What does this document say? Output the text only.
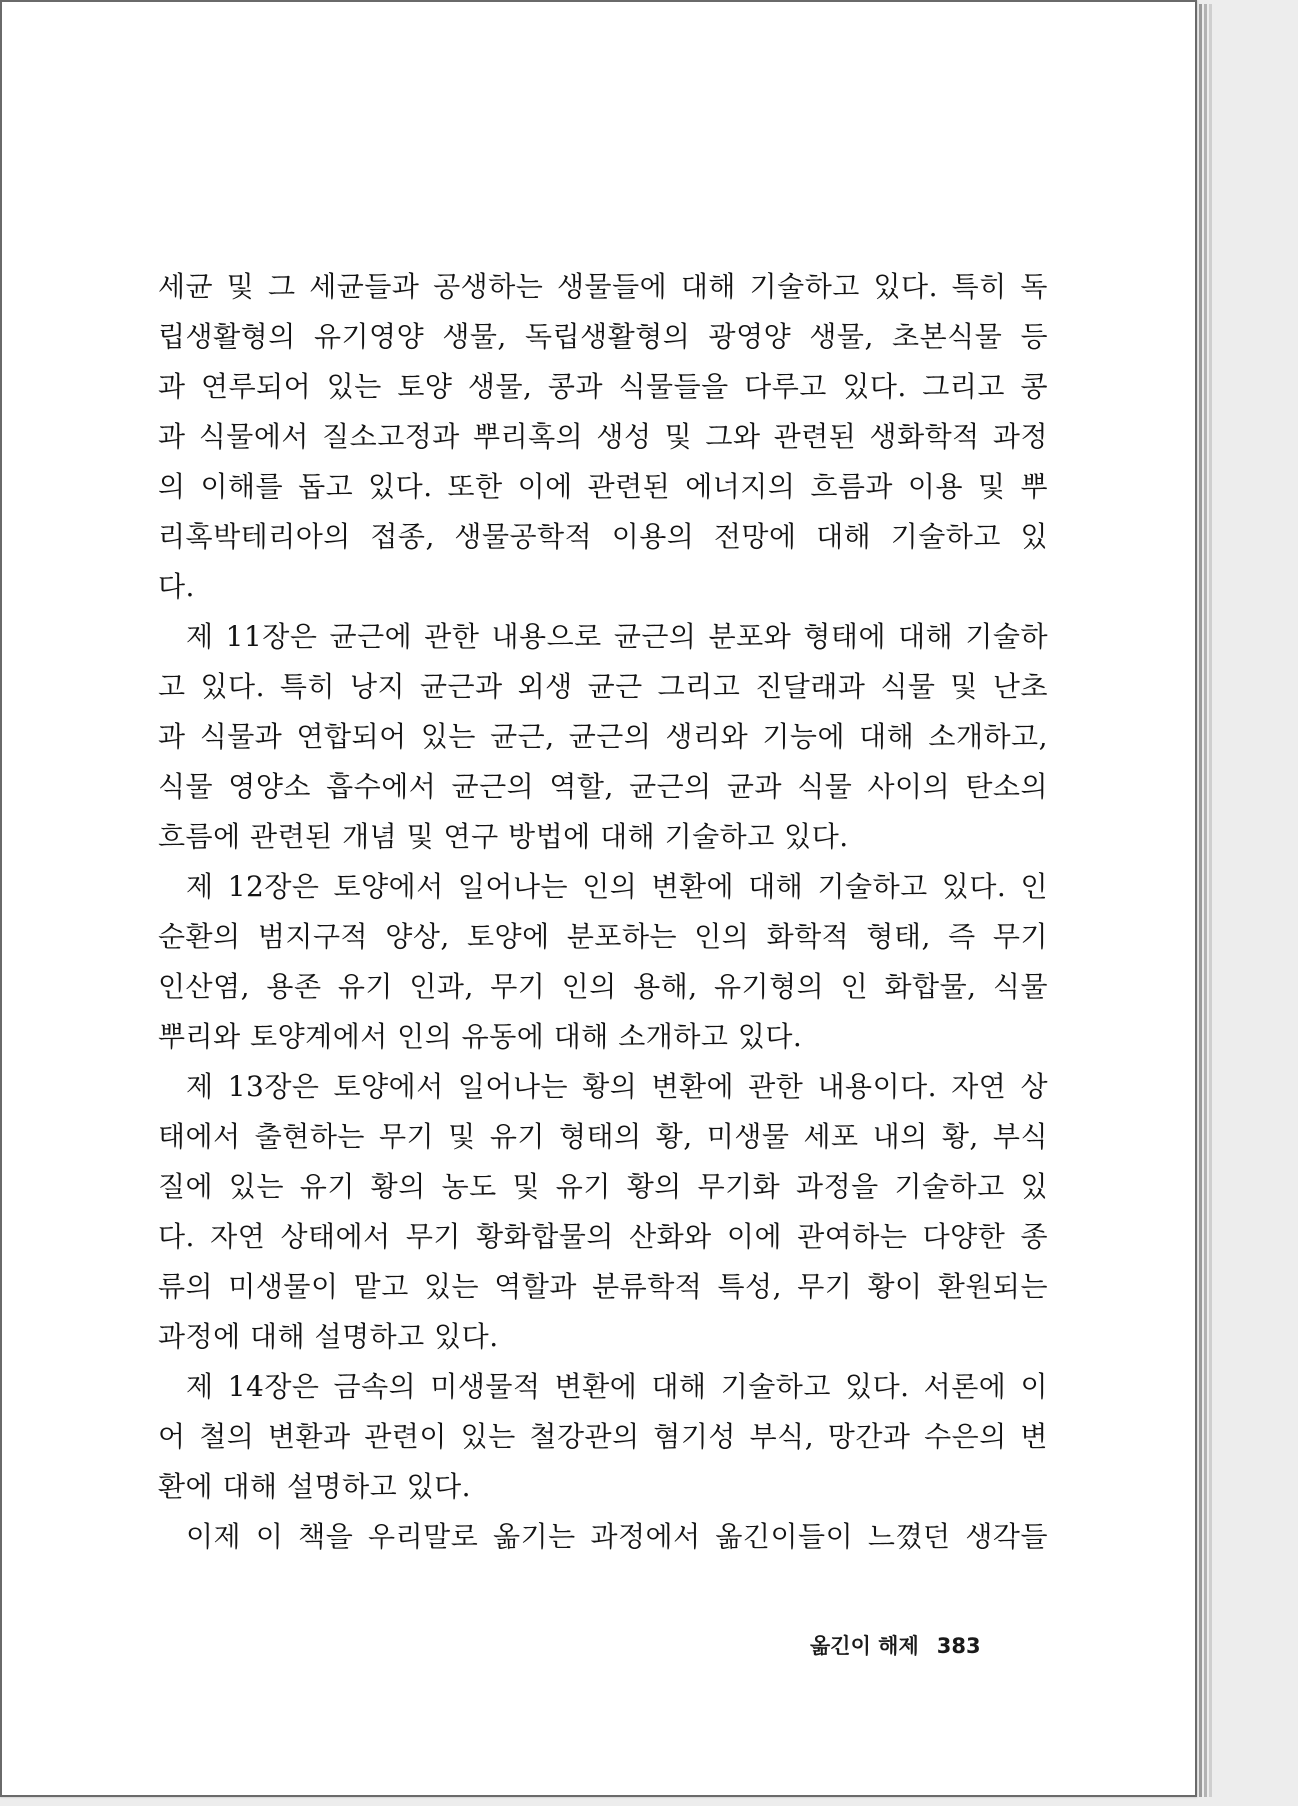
세균 및 그 세균들과 공생하는 생물들에 대해 기술하고 있다. 특히 독
립생활형의 유기영양 생물, 독립생활형의 광영양 생물, 초본식물 등
과 연루되어 있는 토양 생물, 콩과 식물들을 다루고 있다. 그리고 콩
과 식물에서 질소고정과 뿌리혹의 생성 및 그와 관련된 생화학적 과정
의 이해를 돕고 있다. 또한 이에 관련된 에너지의 흐름과 이용 및 뿌
리혹박테리아의 접종, 생물공학적 이용의 전망에 대해 기술하고 있
다.
제 11장은 균근에 관한 내용으로 균근의 분포와 형태에 대해 기술하
고 있다. 특히 낭지 균근과 외생 균근 그리고 진달래과 식물 및 난초
과 식물과 연합되어 있는 균근, 균근의 생리와 기능에 대해 소개하고,
식물 영양소 흡수에서 균근의 역할, 균근의 균과 식물 사이의 탄소의
흐름에 관련된 개념 및 연구 방법에 대해 기술하고 있다.
제 12장은 토양에서 일어나는 인의 변환에 대해 기술하고 있다. 인
순환의 범지구적 양상, 토양에 분포하는 인의 화학적 형태, 즉 무기
인산염, 용존 유기 인과, 무기 인의 용해, 유기형의 인 화합물, 식물
뿌리와 토양계에서 인의 유동에 대해 소개하고 있다.
제 13장은 토양에서 일어나는 황의 변환에 관한 내용이다. 자연 상
태에서 출현하는 무기 및 유기 형태의 황, 미생물 세포 내의 황, 부식
질에 있는 유기 황의 농도 및 유기 황의 무기화 과정을 기술하고 있
다. 자연 상태에서 무기 황화합물의 산화와 이에 관여하는 다양한 종
류의 미생물이 맡고 있는 역할과 분류학적 특성, 무기 황이 환원되는
과정에 대해 설명하고 있다.
제 14장은 금속의 미생물적 변환에 대해 기술하고 있다. 서론에 이
어 철의 변환과 관련이 있는 철강관의 혐기성 부식, 망간과 수은의 변
환에 대해 설명하고 있다.
이제 이 책을 우리말로 옮기는 과정에서 옮긴이들이 느꼈던 생각들
옮긴이 해제 383
